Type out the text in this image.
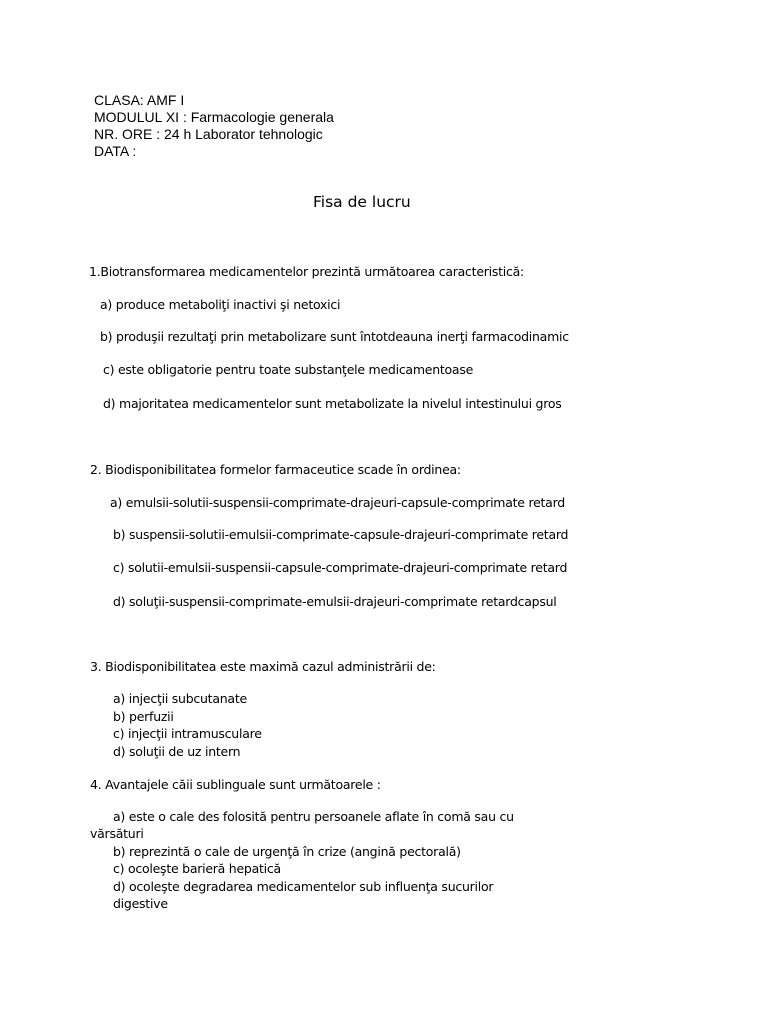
CLASA: AMF I
MODULUL XI : Farmacologie generala
NR. ORE : 24 h Laborator tehnologic
DATA :
Fisa de lucru
1.Biotransformarea medicamentelor prezintă următoarea caracteristică:
a) produce metaboliţi inactivi şi netoxici
b) produşii rezultaţi prin metabolizare sunt întotdeauna inerţi farmacodinamic
c) este obligatorie pentru toate substanţele medicamentoase
d) majoritatea medicamentelor sunt metabolizate la nivelul intestinului gros
2. Biodisponibilitatea formelor farmaceutice scade în ordinea:
a) emulsii-solutii-suspensii-comprimate-drajeuri-capsule-comprimate retard
b) suspensii-solutii-emulsii-comprimate-capsule-drajeuri-comprimate retard
c) solutii-emulsii-suspensii-capsule-comprimate-drajeuri-comprimate retard
d) soluţii-suspensii-comprimate-emulsii-drajeuri-comprimate retardcapsul
3. Biodisponibilitatea este maximă cazul administrării de:
a) injecţii subcutanate
b) perfuzii
c) injecţii intramusculare
d) soluţii de uz intern
4. Avantajele căii sublinguale sunt următoarele :
a) este o cale des folosită pentru persoanele aflate în comă sau cu
vărsături
b) reprezintă o cale de urgenţă în crize (angină pectorală)
c) ocoleşte barieră hepatică
d) ocoleşte degradarea medicamentelor sub influenţa sucurilor
digestive
